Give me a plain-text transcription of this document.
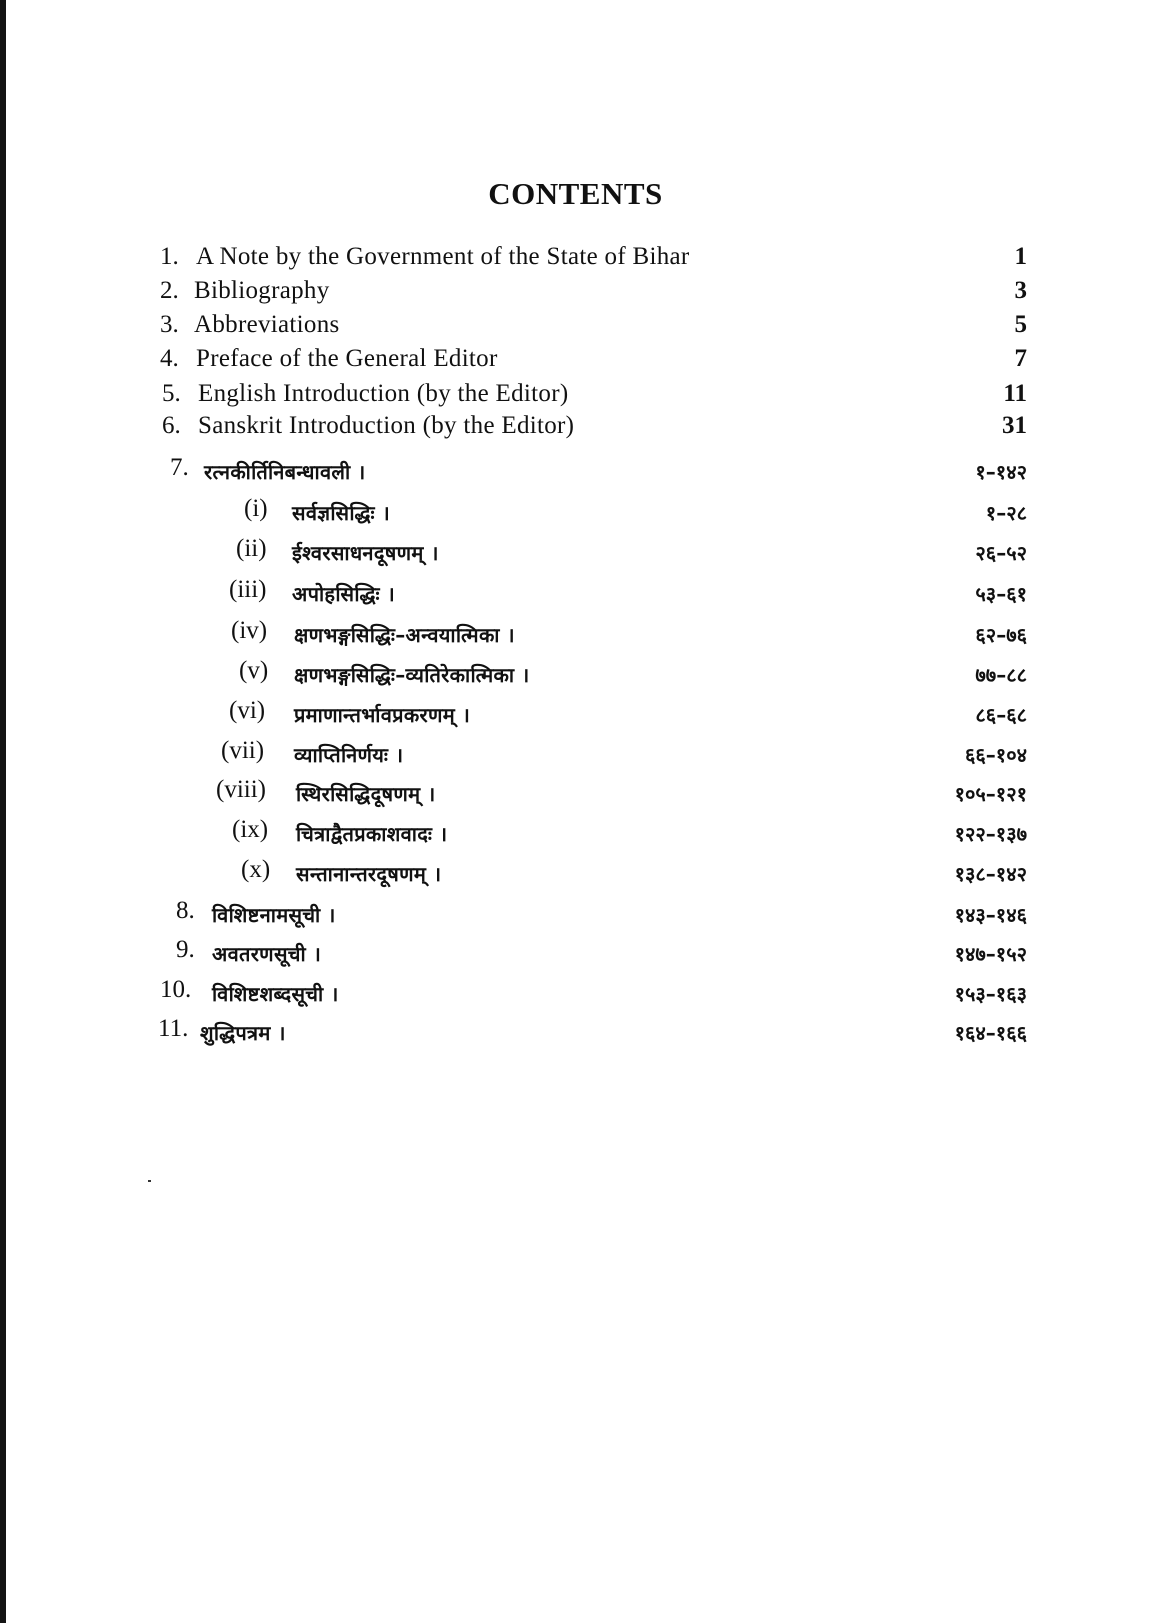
CONTENTS
1. A Note by the Government of the State of Bihar	1
2. Bibliography	3
3. Abbreviations	5
4. Preface of the General Editor	7
5. English Introduction (by the Editor)	11
6. Sanskrit Introduction (by the Editor)	31
7. रत्नकीर्तिनिबन्धावली ।	१–१४२
(i) सर्वज्ञसिद्धिः ।	१–२८
(ii) ईश्वरसाधनदूषणम् ।	२६–५२
(iii) अपोहसिद्धिः ।	५३–६१
(iv) क्षणभङ्गसिद्धिः–अन्वयात्मिका ।	६२–७६
(v) क्षणभङ्गसिद्धिः–व्यतिरेकात्मिका ।	७७–८८
(vi) प्रमाणान्तर्भावप्रकरणम् ।	८६–६८
(vii) व्याप्तिनिर्णयः ।	६६–१०४
(viii) स्थिरसिद्धिदूषणम् ।	१०५–१२१
(ix) चित्राद्वैतप्रकाशवादः ।	१२२–१३७
(x) सन्तानान्तरदूषणम् ।	१३८–१४२
8. विशिष्टनामसूची ।	१४३–१४६
9. अवतरणसूची ।	१४७–१५२
10. विशिष्टशब्दसूची ।	१५३–१६३
11. शुद्धिपत्रम ।	१६४–१६६
